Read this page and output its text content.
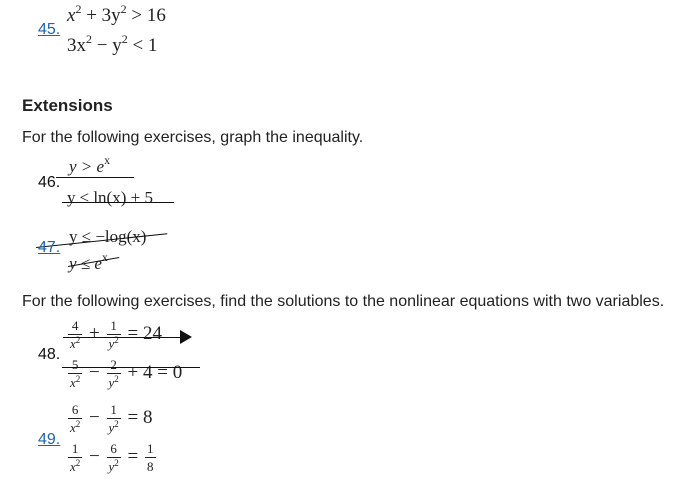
45.
$x^2 + 3y^2 > 16$
$3x^2 - y^2 < 1$
Extensions
For the following exercises, graph the inequality.
$y > e^x$
46.
y ≤ ln(x) + 5
y ≤ −log(x)
47.
$y \le e^x$
For the following exercises, find the solutions to the nonlinear equations with two variables.
$\frac{4}{x^2} + \frac{1}{y^2} = 24$
48.
$\frac{5}{x^2} - \frac{2}{y^2} + 4 = 0$
$\frac{6}{x^2} - \frac{1}{y^2} = 8$
49.
$\frac{1}{x^2} - \frac{6}{y^2} = \frac{1}{8}$
